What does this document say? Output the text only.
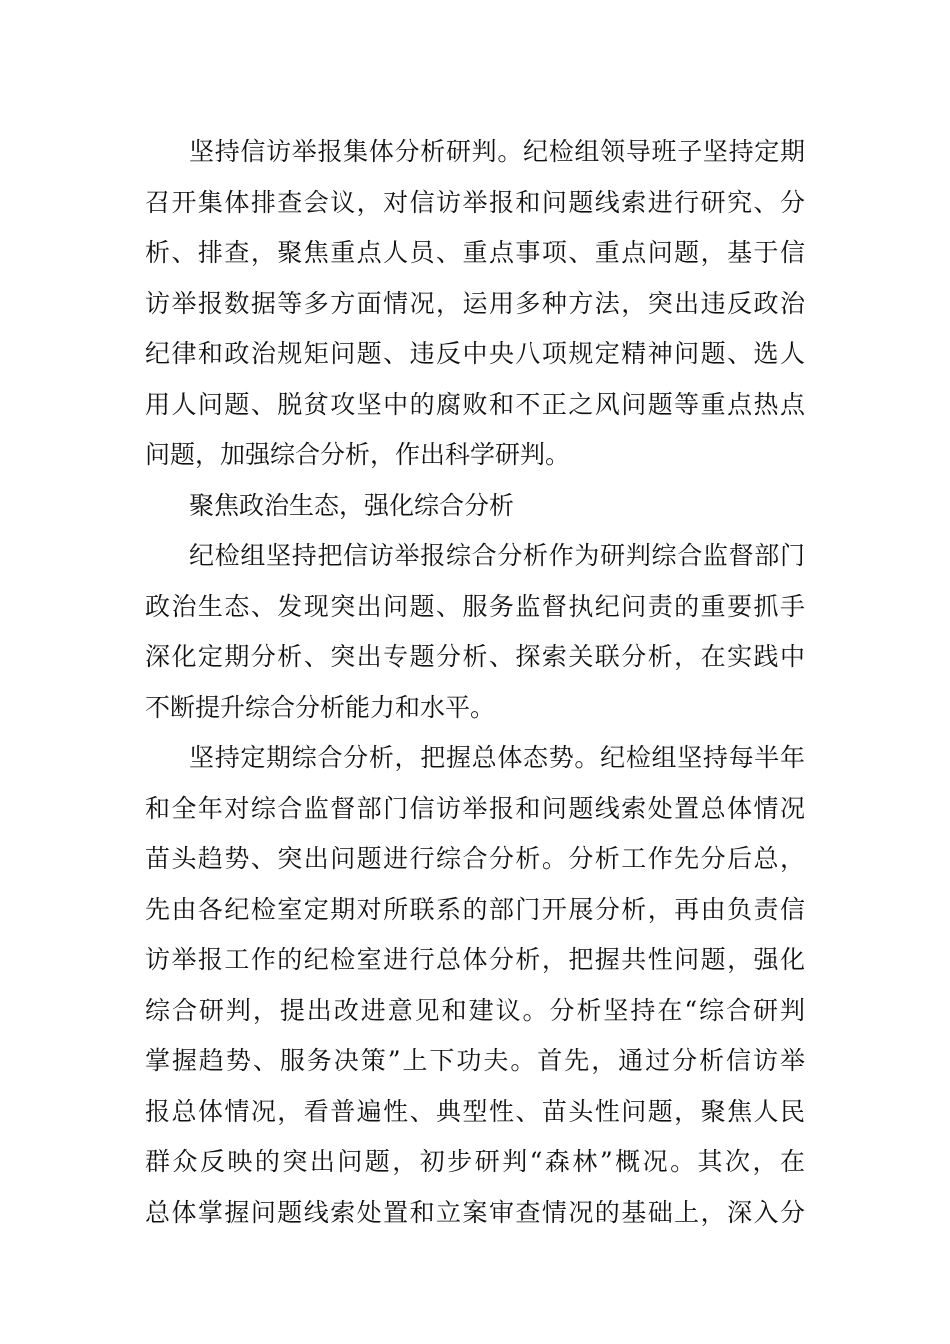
坚持信访举报集体分析研判。纪检组领导班子坚持定期
召开集体排查会议，对信访举报和问题线索进行研究、分
析、排查，聚焦重点人员、重点事项、重点问题，基于信
访举报数据等多方面情况，运用多种方法，突出违反政治
纪律和政治规矩问题、违反中央八项规定精神问题、选人
用人问题、脱贫攻坚中的腐败和不正之风问题等重点热点
问题，加强综合分析，作出科学研判。
聚焦政治生态，强化综合分析
纪检组坚持把信访举报综合分析作为研判综合监督部门
政治生态、发现突出问题、服务监督执纪问责的重要抓手
深化定期分析、突出专题分析、探索关联分析，在实践中
不断提升综合分析能力和水平。
坚持定期综合分析，把握总体态势。纪检组坚持每半年
和全年对综合监督部门信访举报和问题线索处置总体情况
苗头趋势、突出问题进行综合分析。分析工作先分后总，
先由各纪检室定期对所联系的部门开展分析，再由负责信
访举报工作的纪检室进行总体分析，把握共性问题，强化
综合研判，提出改进意见和建议。分析坚持在“综合研判
掌握趋势、服务决策”上下功夫。首先，通过分析信访举
报总体情况，看普遍性、典型性、苗头性问题，聚焦人民
群众反映的突出问题，初步研判“森林”概况。其次，在
总体掌握问题线索处置和立案审查情况的基础上，深入分
